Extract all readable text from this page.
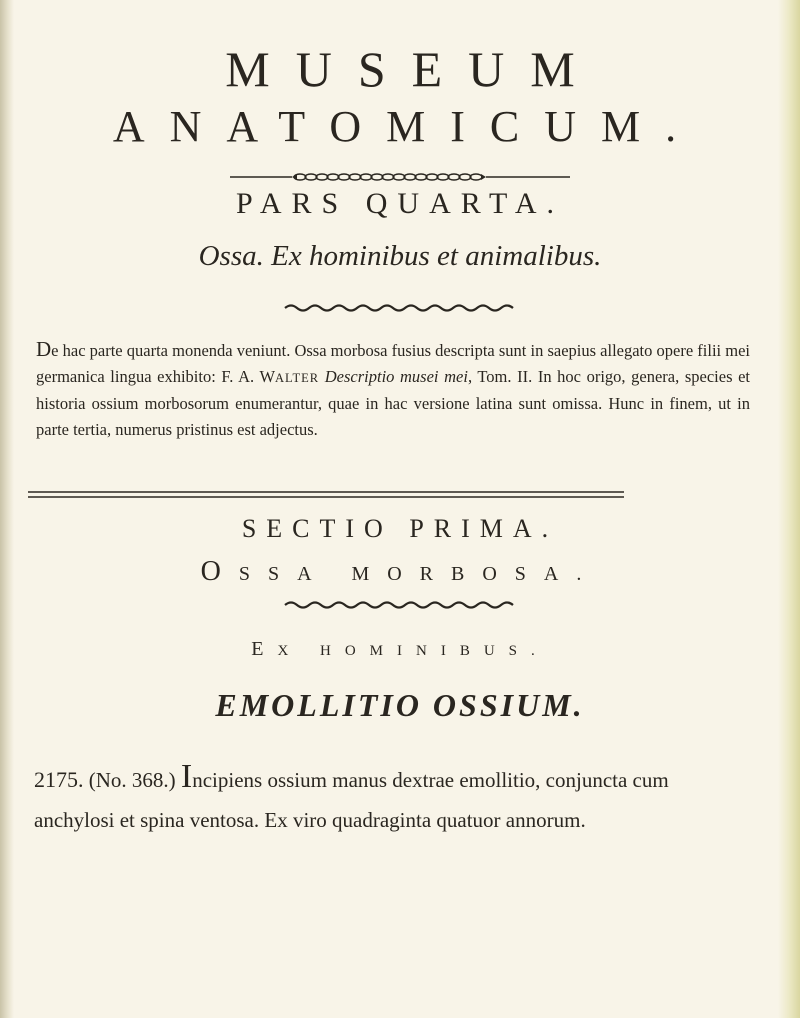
MUSEUM
ANATOMICUM.
PARS QUARTA.
Ossa. Ex hominibus et animalibus.
De hac parte quarta monenda veniunt. Ossa morbosa fusius descripta sunt in saepius allegato opere filii mei germanica lingua exhibito: F. A. WALTER Descriptio musei mei, Tom. II. In hoc origo, genera, species et historia ossium morbosorum enumerantur, quae in hac versione latina sunt omissa. Hunc in finem, ut in parte tertia, numerus pristinus est adjectus.
SECTIO PRIMA.
OSSA MORBOSA.
EX HOMINIBUS.
EMOLLITIO OSSIUM.
2175. (No. 368.) Incipiens ossium manus dextrae emollitio, conjuncta cum anchylosi et spina ventosa. Ex viro quadraginta quatuor annorum.
